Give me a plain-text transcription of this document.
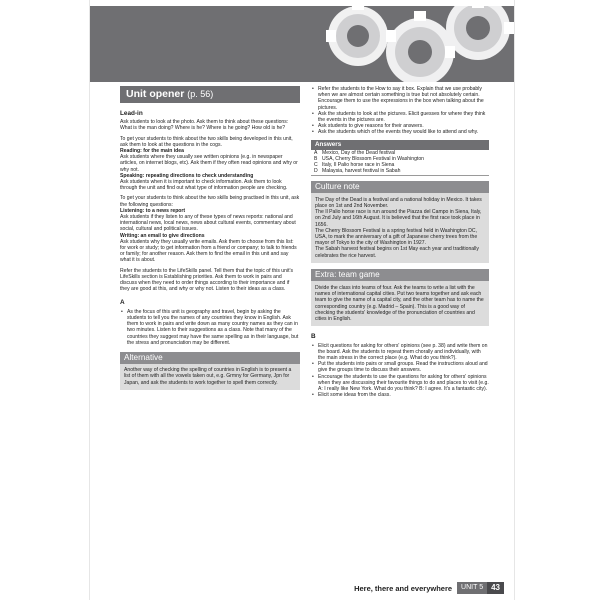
Unit opener (p. 56)
Lead-in

Ask students to look at the photo. Ask them to think about these questions: What is the man doing? Where is he? Where is he going? How old is he?

To get your students to think about the two skills being developed in this unit, ask them to look at the questions in the cogs.
Reading: for the main idea
Ask students where they usually see written opinions (e.g. in newspaper articles, on internet blogs, etc). Ask them if they often read opinions and why or why not.
Speaking: repeating directions to check understanding
Ask students when it is important to check information. Ask them to look through the unit and find out what type of information people are checking.

To get your students to think about the two skills being practised in this unit, ask the following questions:
Listening: to a news report
Ask students if they listen to any of these types of news reports: national and international news, local news, news about cultural events, commentary about social, cultural and political issues.
Writing: an email to give directions
Ask students why they usually write emails. Ask them to choose from this list: for work or study; to get information from a friend or company; to talk to friends or family; for another reason. Ask them to find the email in this unit and say what it is about.

Refer the students to the LifeSkills panel. Tell them that the topic of this unit's LifeSkills section is Establishing priorities. Ask them to work in pairs and discuss when they need to order things according to their importance and if they are good at this, and why or why not. Listen to their ideas as a class.

A
• As the focus of this unit is geography and travel, begin by asking the students to tell you the names of any countries they know in English. Ask them to work in pairs and write down as many country names as they can in two minutes. Listen to their suggestions as a class. Note that many of the countries they suggest may have the same spelling as in their language, but the stress and pronunciation may be different.
Alternative
Another way of checking the spelling of countries in English is to present a list of them with all the vowels taken out, e.g. Grmny for Germany, Jpn for Japan, and ask the students to work together to spell them correctly.
• Refer the students to the How to say it box. Explain that we use probably when we are almost certain something is true but not absolutely certain. Encourage them to use the expressions in the box when talking about the pictures.
• Ask the students to look at the pictures. Elicit guesses for where they think the events in the pictures are.
• Ask students to give reasons for their answers.
• Ask the students which of the events they would like to attend and why.
Answers
A Mexico, Day of the Dead festival
B USA, Cherry Blossom Festival in Washington
C Italy, Il Palio horse race in Siena
D Malaysia, harvest festival in Sabah
Culture note
The Day of the Dead is a festival and a national holiday in Mexico. It takes place on 1st and 2nd November.
The Il Palio horse race is run around the Piazza del Campo in Siena, Italy, on 2nd July and 16th August. It is believed that the first race took place in 1656.
The Cherry Blossom Festival is a spring festival held in Washington DC, USA, to mark the anniversary of a gift of Japanese cherry trees from the mayor of Tokyo to the city of Washington in 1927.
The Sabah harvest festival begins on 1st May each year and traditionally celebrates the rice harvest.
Extra: team game
Divide the class into teams of four. Ask the teams to write a list with the names of international capital cities. Put two teams together and ask each team to give the name of a capital city, and the other team has to name the corresponding country (e.g. Madrid – Spain). This is a good way of checking the students' knowledge of the pronunciation of countries and cities in English.
B
• Elicit questions for asking for others' opinions (see p. 38) and write them on the board. Ask the students to repeat them chorally and individually, with the main stress in the correct place (e.g. What do you think?).
• Put the students into pairs or small groups. Read the instructions aloud and give the groups time to discuss their answers.
• Encourage the students to use the questions for asking for others' opinions when they are discussing their favourite things to do and places to visit (e.g. A: I really like New York. What do you think? B: I agree. It's a fantastic city).
• Elicit some ideas from the class.
Here, there and everywhere	UNIT 5	43
